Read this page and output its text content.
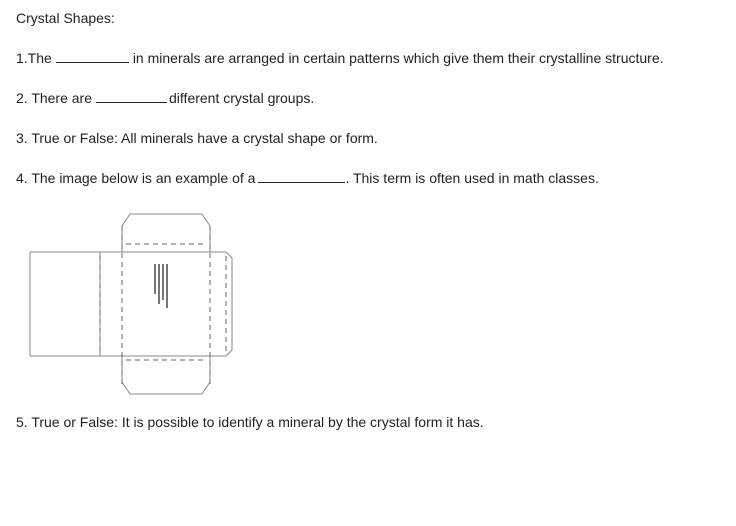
Crystal Shapes:
1.The	in minerals are arranged in certain patterns which give them their crystalline structure.
2. There are	different crystal groups.
3. True or False: All minerals have a crystal shape or form.
4. The image below is an example of a	. This term is often used in math classes.
5. True or False: It is possible to identify a mineral by the crystal form it has.
